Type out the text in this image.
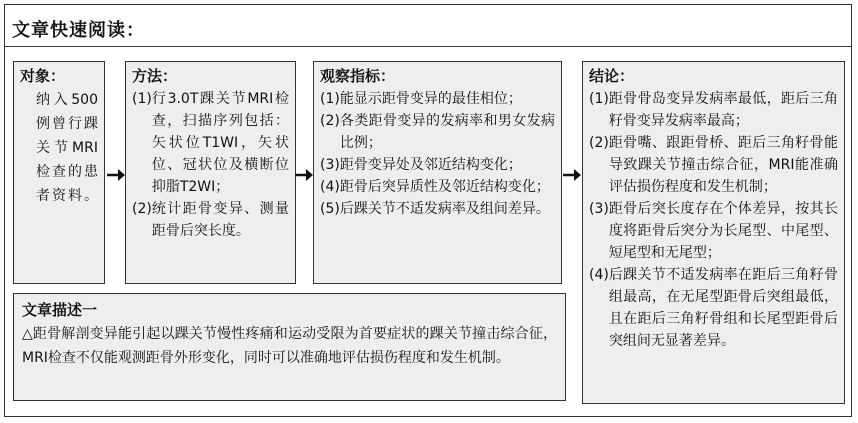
文章快速阅读：
对象：
纳入500例曾行踝关节MRI检查的患者资料。
方法：
(1) 行3.0T踝关节MRI检查，扫描序列包括：矢状位T1WI，矢状位、冠状位及横断位抑脂T2WI；
(2) 统计距骨变异、测量距骨后突长度。
观察指标：
(1) 能显示距骨变异的最佳相位；
(2) 各类距骨变异的发病率和男女发病比例；
(3) 距骨变异处及邻近结构变化；
(4) 距骨后突异质性及邻近结构变化；
(5) 后踝关节不适发病率及组间差异。
结论：
(1) 距骨骨岛变异发病率最低，距后三角籽骨变异发病率最高；
(2) 距骨嘴、跟距骨桥、距后三角籽骨能导致踝关节撞击综合征，MRI能准确评估损伤程度和发生机制；
(3) 距骨后突长度存在个体差异，按其长度将距骨后突分为长尾型、中尾型、短尾型和无尾型；
(4) 后踝关节不适发病率在距后三角籽骨组最高，在无尾型距骨后突组最低，且在距后三角籽骨组和长尾型距骨后突组间无显著差异。
文章描述一
△距骨解剖变异能引起以踝关节慢性疼痛和运动受限为首要症状的踝关节撞击综合征，MRI检查不仅能观测距骨外形变化，同时可以准确地评估损伤程度和发生机制。
